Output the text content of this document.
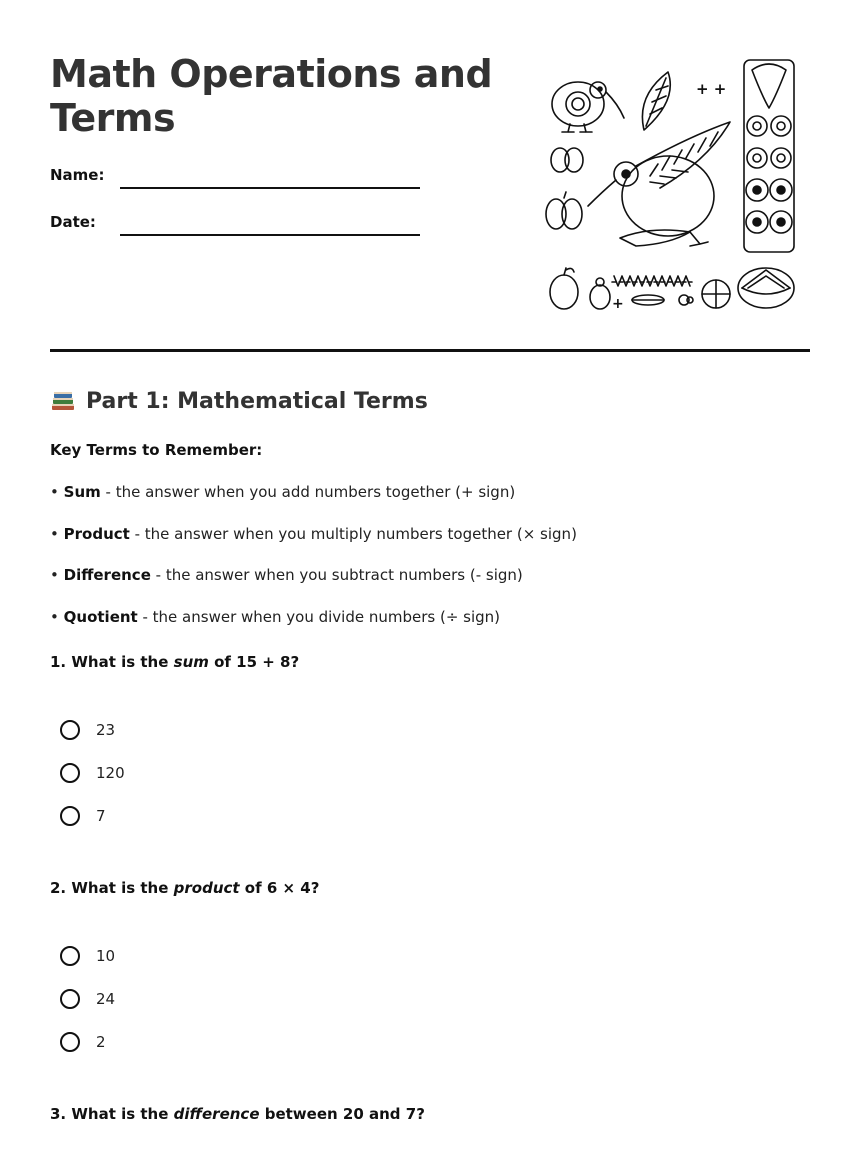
Math Operations and Terms
Name:
Date:
+ +
+
Part 1: Mathematical Terms
Key Terms to Remember:
• Sum - the answer when you add numbers together (+ sign)
• Product - the answer when you multiply numbers together (× sign)
• Difference - the answer when you subtract numbers (- sign)
• Quotient - the answer when you divide numbers (÷ sign)
1. What is the sum of 15 + 8?
23
120
7
2. What is the product of 6 × 4?
10
24
2
3. What is the difference between 20 and 7?
